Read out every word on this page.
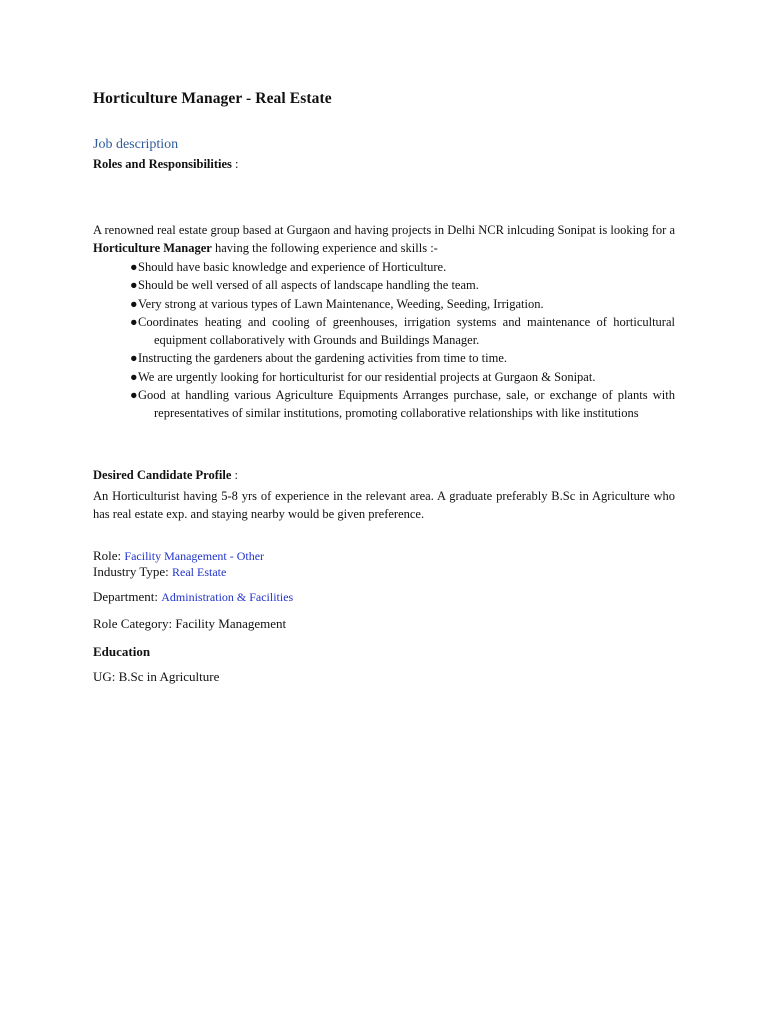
Horticulture Manager - Real Estate
Job description
Roles and Responsibilities :

A renowned real estate group based at Gurgaon and having projects in Delhi NCR inlcuding Sonipat is looking for a Horticulture Manager having the following experience and skills :-

● Should have basic knowledge and experience of Horticulture.
● Should be well versed of all aspects of landscape handling the team.
● Very strong at various types of Lawn Maintenance, Weeding, Seeding, Irrigation.
● Coordinates heating and cooling of greenhouses, irrigation systems and maintenance of horticultural equipment collaboratively with Grounds and Buildings Manager.
● Instructing the gardeners about the gardening activities from time to time.
● We are urgently looking for horticulturist for our residential projects at Gurgaon & Sonipat.
● Good at handling various Agriculture Equipments Arranges purchase, sale, or exchange of plants with representatives of similar institutions, promoting collaborative relationships with like institutions
Desired Candidate Profile :
An Horticulturist having 5-8 yrs of experience in the relevant area. A graduate preferably B.Sc in Agriculture who has real estate exp. and staying nearby would be given preference.
Role: Facility Management - Other
Industry Type: Real Estate
Department: Administration & Facilities
Role Category: Facility Management
Education
UG: B.Sc in Agriculture
